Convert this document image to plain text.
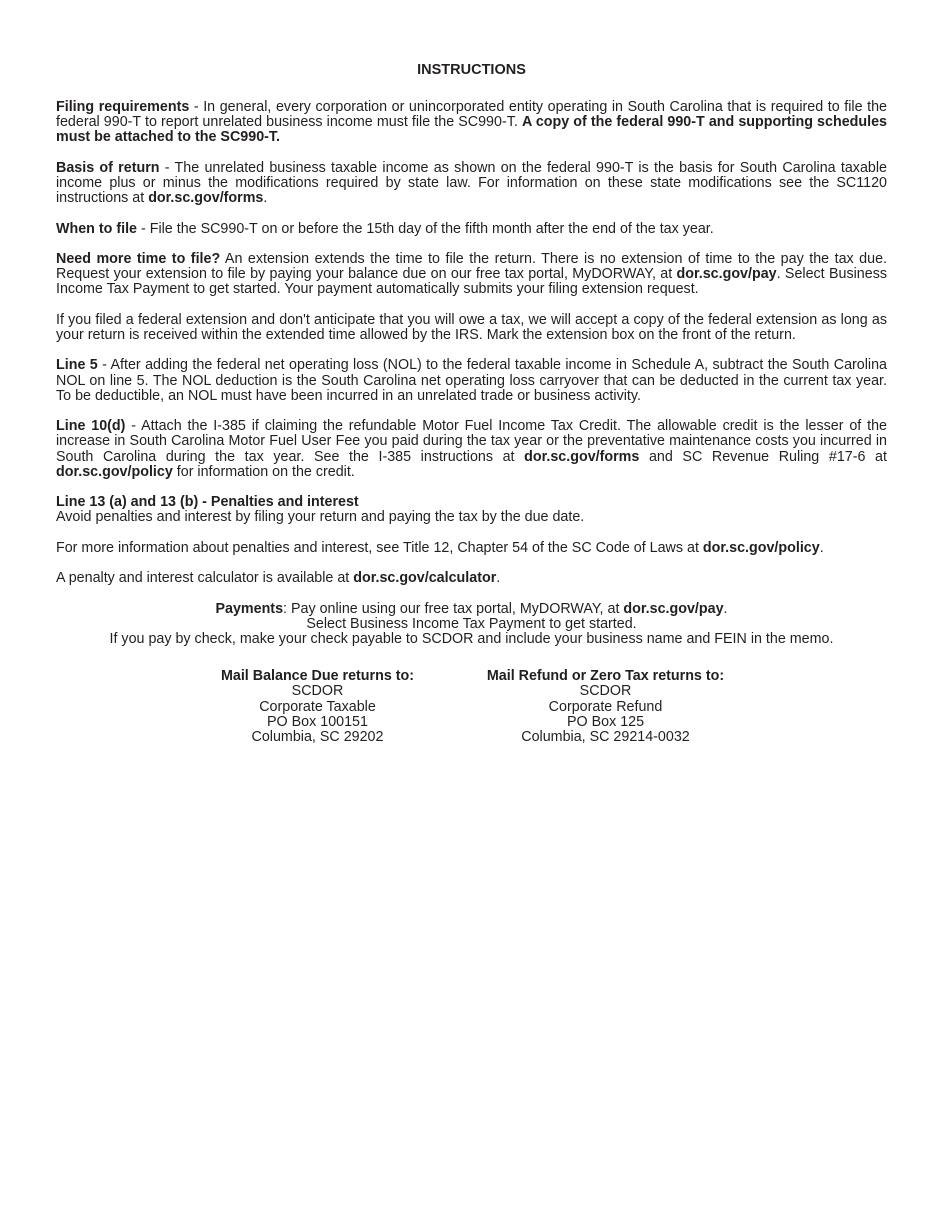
INSTRUCTIONS

Filing requirements - In general, every corporation or unincorporated entity operating in South Carolina that is required to file the federal 990-T to report unrelated business income must file the SC990-T. A copy of the federal 990-T and supporting schedules must be attached to the SC990-T.

Basis of return - The unrelated business taxable income as shown on the federal 990-T is the basis for South Carolina taxable income plus or minus the modifications required by state law. For information on these state modifications see the SC1120 instructions at dor.sc.gov/forms.

When to file - File the SC990-T on or before the 15th day of the fifth month after the end of the tax year.

Need more time to file? An extension extends the time to file the return. There is no extension of time to the pay the tax due. Request your extension to file by paying your balance due on our free tax portal, MyDORWAY, at dor.sc.gov/pay. Select Business Income Tax Payment to get started. Your payment automatically submits your filing extension request.

If you filed a federal extension and don't anticipate that you will owe a tax, we will accept a copy of the federal extension as long as your return is received within the extended time allowed by the IRS. Mark the extension box on the front of the return.

Line 5 - After adding the federal net operating loss (NOL) to the federal taxable income in Schedule A, subtract the South Carolina NOL on line 5. The NOL deduction is the South Carolina net operating loss carryover that can be deducted in the current tax year. To be deductible, an NOL must have been incurred in an unrelated trade or business activity.

Line 10(d) - Attach the I-385 if claiming the refundable Motor Fuel Income Tax Credit. The allowable credit is the lesser of the increase in South Carolina Motor Fuel User Fee you paid during the tax year or the preventative maintenance costs you incurred in South Carolina during the tax year. See the I-385 instructions at dor.sc.gov/forms and SC Revenue Ruling #17-6 at dor.sc.gov/policy for information on the credit.

Line 13 (a) and 13 (b) - Penalties and interest
Avoid penalties and interest by filing your return and paying the tax by the due date.

For more information about penalties and interest, see Title 12, Chapter 54 of the SC Code of Laws at dor.sc.gov/policy.

A penalty and interest calculator is available at dor.sc.gov/calculator.

Payments: Pay online using our free tax portal, MyDORWAY, at dor.sc.gov/pay.
Select Business Income Tax Payment to get started.
If you pay by check, make your check payable to SCDOR and include your business name and FEIN in the memo.
Mail Balance Due returns to:
SCDOR
Corporate Taxable
PO Box 100151
Columbia, SC 29202
Mail Refund or Zero Tax returns to:
SCDOR
Corporate Refund
PO Box 125
Columbia, SC 29214-0032
